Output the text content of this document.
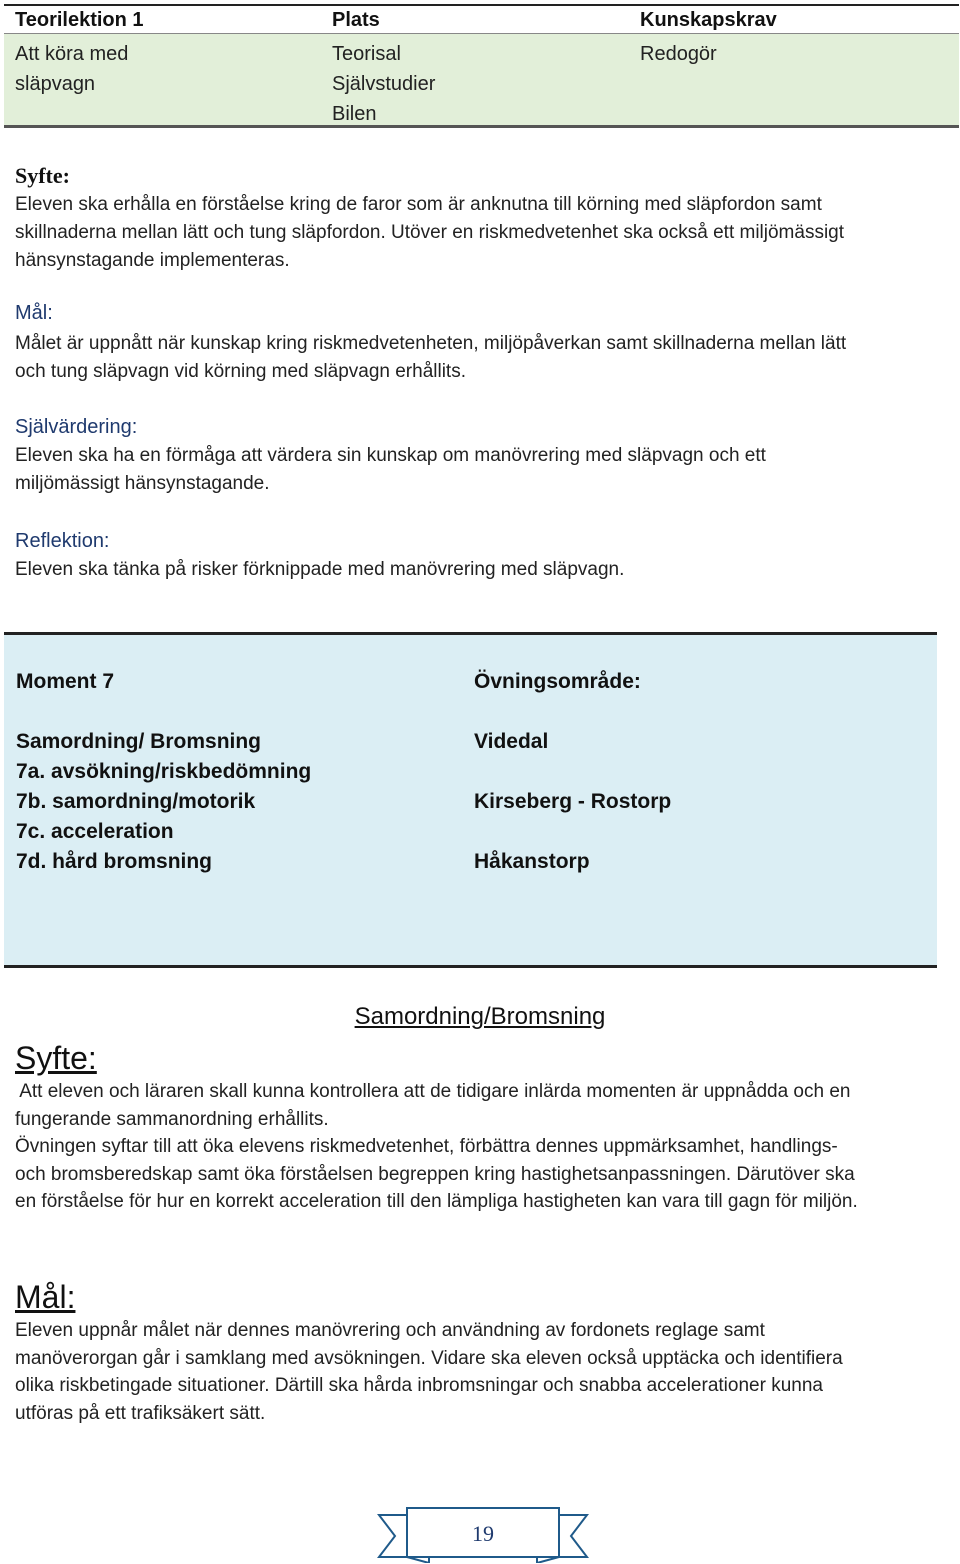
Teorilektion 1	Plats	Kunskapskrav
Att köra med
släpvagn
Teorisal
Självstudier
Bilen
Redogör
Syfte:
Eleven ska erhålla en förståelse kring de faror som är anknutna till körning med släpfordon samt
skillnaderna mellan lätt och tung släpfordon. Utöver en riskmedvetenhet ska också ett miljömässigt
hänsynstagande implementeras.
Mål:
Målet är uppnått när kunskap kring riskmedvetenheten, miljöpåverkan samt skillnaderna mellan lätt
och tung släpvagn vid körning med släpvagn erhållits.
Självärdering:
Eleven ska ha en förmåga att värdera sin kunskap om manövrering med släpvagn och ett
miljömässigt hänsynstagande.
Reflektion:
Eleven ska tänka på risker förknippade med manövrering med släpvagn.
Moment 7
Samordning/ Bromsning
7a. avsökning/riskbedömning
7b. samordning/motorik
7c. acceleration
7d. hård bromsning
Övningsområde:
Videdal
Kirseberg - Rostorp
Håkanstorp
Samordning/Bromsning
Syfte:
Att eleven och läraren skall kunna kontrollera att de tidigare inlärda momenten är uppnådda och en
fungerande sammanordning erhållits.
Övningen syftar till att öka elevens riskmedvetenhet, förbättra dennes uppmärksamhet, handlings-
och bromsberedskap samt öka förståelsen begreppen kring hastighetsanpassningen. Därutöver ska
en förståelse för hur en korrekt acceleration till den lämpliga hastigheten kan vara till gagn för miljön.
Mål:
Eleven uppnår målet när dennes manövrering och användning av fordonets reglage samt
manöverorgan går i samklang med avsökningen. Vidare ska eleven också upptäcka och identifiera
olika riskbetingade situationer. Därtill ska hårda inbromsningar och snabba accelerationer kunna
utföras på ett trafiksäkert sätt.
19
